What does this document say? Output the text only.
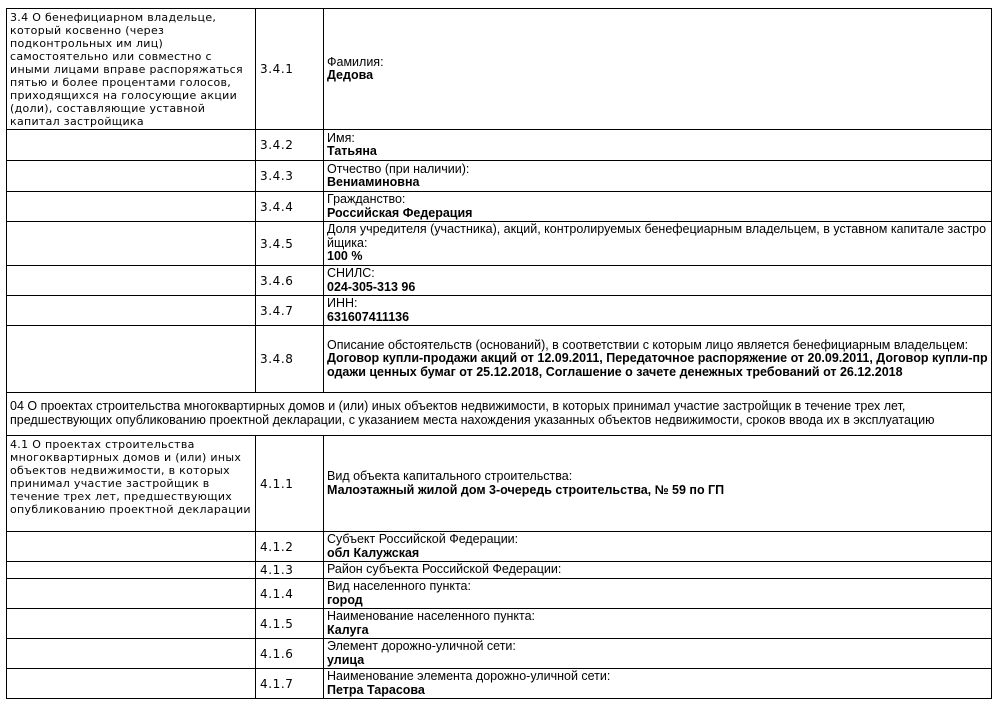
3.4 О бенефициарном владельце, который косвенно (через подконтрольных им лиц) самостоятельно или совместно с иными лицами вправе распоряжаться пятью и более процентами голосов, приходящихся на голосующие акции (доли), составляющие уставной капитал застройщика	3.4.1	Фамилия:
Дедова

	3.4.2	Имя:
Татьяна

	3.4.3	Отчество (при наличии):
Вениаминовна

	3.4.4	Гражданство:
Российская Федерация

	3.4.5	Доля учредителя (участника), акций, контролируемых бенефециарным владельцем, в уставном капитале застройщика:
100 %

	3.4.6	СНИЛС:
024-305-313 96

	3.4.7	ИНН:
631607411136

	3.4.8	Описание обстоятельств (оснований), в соответствии с которым лицо является бенефициарным владельцем:
Договор купли-продажи акций от 12.09.2011, Передаточное распоряжение от 20.09.2011, Договор купли-продажи ценных бумаг от 25.12.2018, Соглашение о зачете денежных требований от 26.12.2018

04 О проектах строительства многоквартирных домов и (или) иных объектов недвижимости, в которых принимал участие застройщик в течение трех лет, предшествующих опубликованию проектной декларации, с указанием места нахождения указанных объектов недвижимости, сроков ввода их в эксплуатацию		
4.1 О проектах строительства многоквартирных домов и (или) иных объектов недвижимости, в которых принимал участие застройщик в течение трех лет, предшествующих опубликованию проектной декларации	4.1.1	Вид объекта капитального строительства:
Малоэтажный жилой дом 3-очередь строительства, № 59 по ГП

	4.1.2	Субъект Российской Федерации:
обл Калужская

	4.1.3	Район субъекта Российской Федерации:

	4.1.4	Вид населенного пункта:
город

	4.1.5	Наименование населенного пункта:
Калуга

	4.1.6	Элемент дорожно-уличной сети:
улица

	4.1.7	Наименование элемента дорожно-уличной сети:
Петра Тарасова
